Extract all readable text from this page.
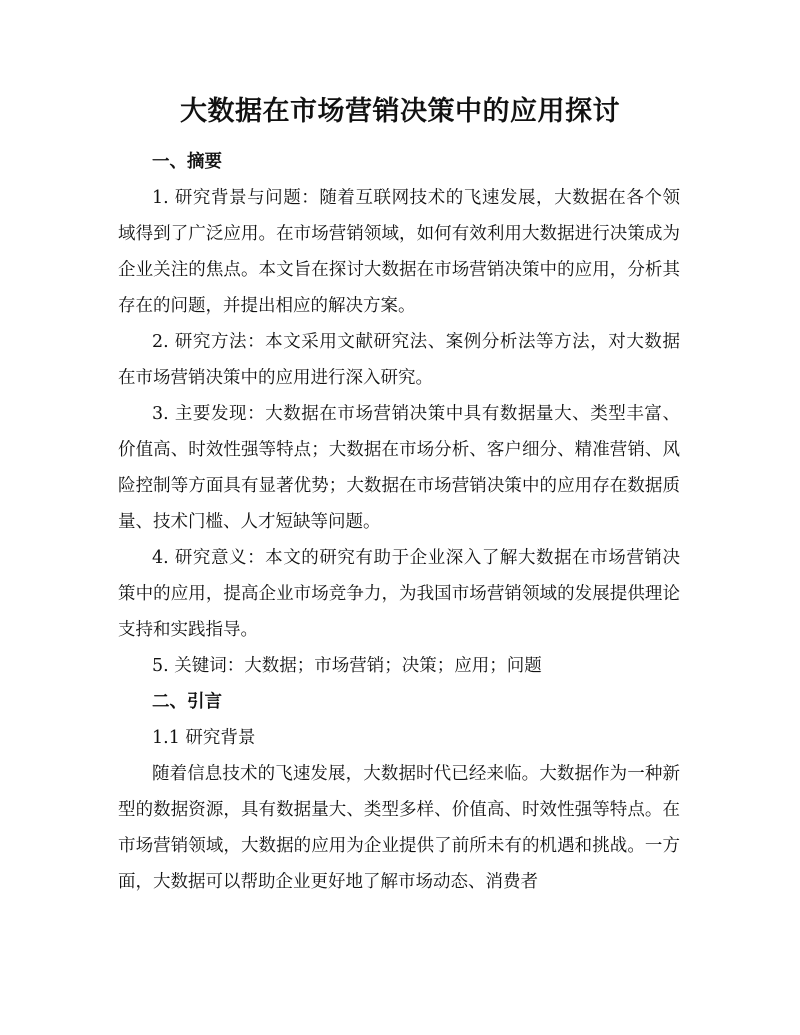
大数据在市场营销决策中的应用探讨

一、摘要

1. 研究背景与问题：随着互联网技术的飞速发展，大数据在各个领域得到了广泛应用。在市场营销领域，如何有效利用大数据进行决策成为企业关注的焦点。本文旨在探讨大数据在市场营销决策中的应用，分析其存在的问题，并提出相应的解决方案。

2. 研究方法：本文采用文献研究法、案例分析法等方法，对大数据在市场营销决策中的应用进行深入研究。

3. 主要发现：大数据在市场营销决策中具有数据量大、类型丰富、价值高、时效性强等特点；大数据在市场分析、客户细分、精准营销、风险控制等方面具有显著优势；大数据在市场营销决策中的应用存在数据质量、技术门槛、人才短缺等问题。

4. 研究意义：本文的研究有助于企业深入了解大数据在市场营销决策中的应用，提高企业市场竞争力，为我国市场营销领域的发展提供理论支持和实践指导。

5. 关键词：大数据；市场营销；决策；应用；问题

二、引言

1.1 研究背景

随着信息技术的飞速发展，大数据时代已经来临。大数据作为一种新型的数据资源，具有数据量大、类型多样、价值高、时效性强等特点。在市场营销领域，大数据的应用为企业提供了前所未有的机遇和挑战。一方面，大数据可以帮助企业更好地了解市场动态、消费者
